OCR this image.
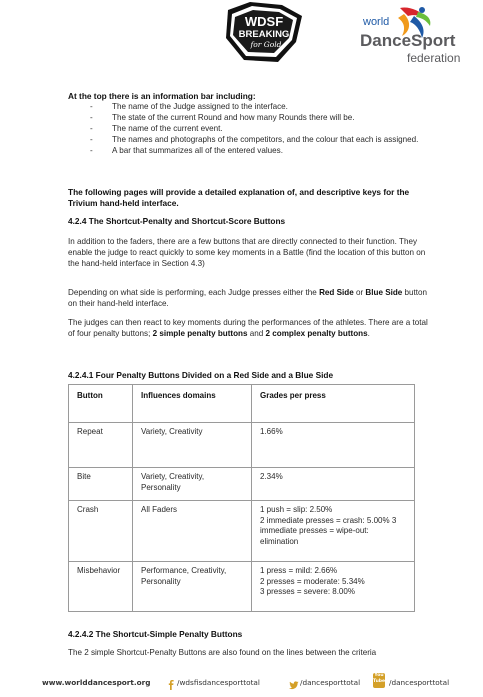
WDSF
BREAKING
for Gold
world
DanceSport
federation

At the top there is an information bar including:

- The name of the Judge assigned to the interface.
- The state of the current Round and how many Rounds there will be.
- The name of the current event.
- The names and photographs of the competitors, and the colour that each is assigned.
- A bar that summarizes all of the entered values.

The following pages will provide a detailed explanation of, and descriptive keys for the Trivium hand-held interface.

4.2.4 The Shortcut-Penalty and Shortcut-Score Buttons

In addition to the faders, there are a few buttons that are directly connected to their function. They enable the judge to react quickly to some key moments in a Battle (find the location of this button on the hand-held interface in Section 4.3)

Depending on what side is performing, each Judge presses either the Red Side or Blue Side button on their hand-held interface.

The judges can then react to key moments during the performances of the athletes. There are a total of four penalty buttons; 2 simple penalty buttons and 2 complex penalty buttons.

4.2.4.1 Four Penalty Buttons Divided on a Red Side and a Blue Side

Button	Influences domains	Grades per press
Repeat	Variety, Creativity	1.66%

Bite	Variety, Creativity, Personality	2.34%

Crash	All Faders	1 push = slip: 2.50%
2 immediate presses = crash: 5.00% 3 immediate presses = wipe-out: elimination

Misbehavior	Performance, Creativity, Personality	1 press = mild: 2.66%
2 presses = moderate: 5.34%
3 presses = severe: 8.00%

4.2.4.2 The Shortcut-Simple Penalty Buttons

The 2 simple Shortcut-Penalty Buttons are also found on the lines between the criteria

www.worlddancesport.org	/wdsfisdancesporttotal	/dancesporttotal
You Tube /dancesporttotal
